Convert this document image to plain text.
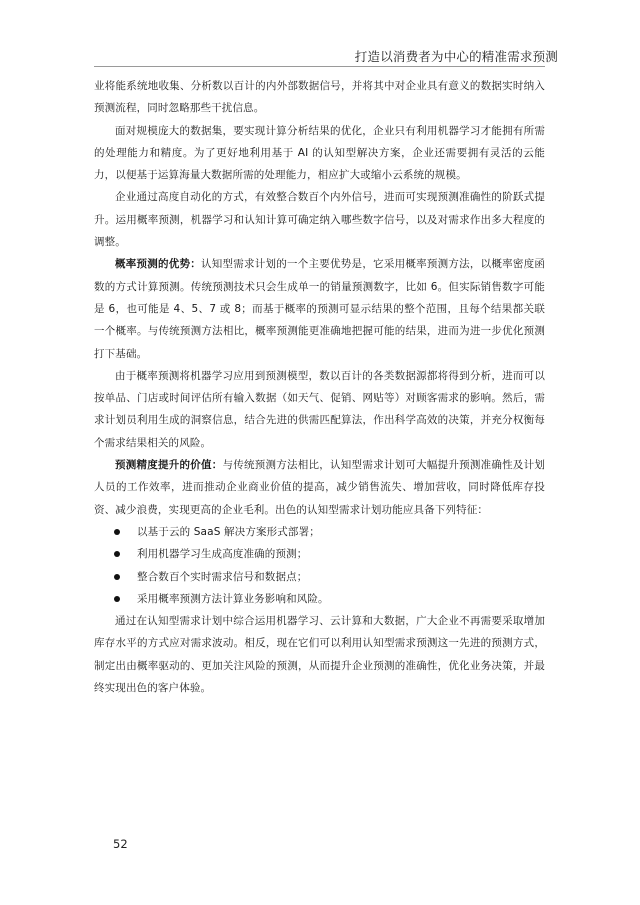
打造以消费者为中心的精准需求预测

业将能系统地收集、分析数以百计的内外部数据信号，并将其中对企业具有意义的数据实时纳入预测流程，同时忽略那些干扰信息。

面对规模庞大的数据集，要实现计算分析结果的优化，企业只有利用机器学习才能拥有所需的处理能力和精度。为了更好地利用基于 AI 的认知型解决方案，企业还需要拥有灵活的云能力，以便基于运算海量大数据所需的处理能力，相应扩大或缩小云系统的规模。

企业通过高度自动化的方式，有效整合数百个内外信号，进而可实现预测准确性的阶跃式提升。运用概率预测，机器学习和认知计算可确定纳入哪些数字信号，以及对需求作出多大程度的调整。

概率预测的优势：认知型需求计划的一个主要优势是，它采用概率预测方法，以概率密度函数的方式计算预测。传统预测技术只会生成单一的销量预测数字，比如 6。但实际销售数字可能是 6，也可能是 4、5、7 或 8；而基于概率的预测可显示结果的整个范围，且每个结果都关联一个概率。与传统预测方法相比，概率预测能更准确地把握可能的结果，进而为进一步优化预测打下基础。

由于概率预测将机器学习应用到预测模型，数以百计的各类数据源都将得到分析，进而可以按单品、门店或时间评估所有输入数据（如天气、促销、网贴等）对顾客需求的影响。然后，需求计划员利用生成的洞察信息，结合先进的供需匹配算法，作出科学高效的决策，并充分权衡每个需求结果相关的风险。

预测精度提升的价值：与传统预测方法相比，认知型需求计划可大幅提升预测准确性及计划人员的工作效率，进而推动企业商业价值的提高，减少销售流失、增加营收，同时降低库存投资、减少浪费，实现更高的企业毛利。出色的认知型需求计划功能应具备下列特征：

以基于云的 SaaS 解决方案形式部署；
利用机器学习生成高度准确的预测；
整合数百个实时需求信号和数据点；
采用概率预测方法计算业务影响和风险。

通过在认知型需求计划中综合运用机器学习、云计算和大数据，广大企业不再需要采取增加库存水平的方式应对需求波动。相反，现在它们可以利用认知型需求预测这一先进的预测方式，制定出由概率驱动的、更加关注风险的预测，从而提升企业预测的准确性，优化业务决策，并最终实现出色的客户体验。

52
